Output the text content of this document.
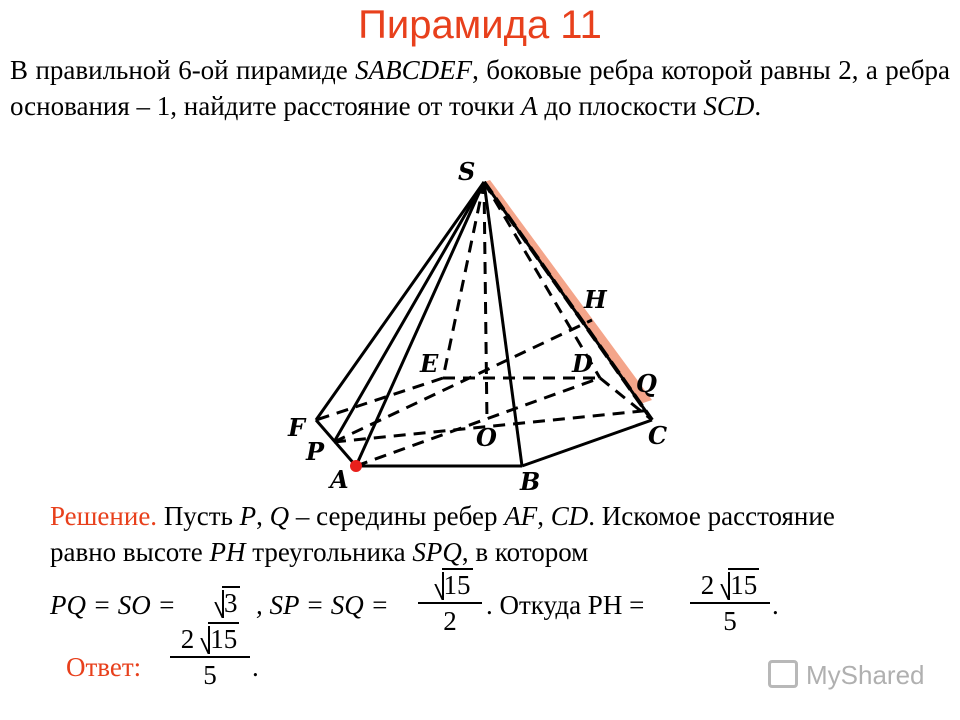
Пирамида 11
В правильной 6-ой пирамиде SABCDEF, боковые ребра которой равны 2, а ребра основания – 1, найдите расстояние от точки A до плоскости SCD.
S
H
E	D
Q
F
P	O	C
A	B
Решение. Пусть P, Q – середины ребер AF, CD. Искомое расстояние равно высоте PH треугольника SPQ, в котором
PQ = SO =	3 , SP = SQ =
15
2
. Откуда PH =
2 15
5
.
Ответ:
2 15
5	.	MyShared
